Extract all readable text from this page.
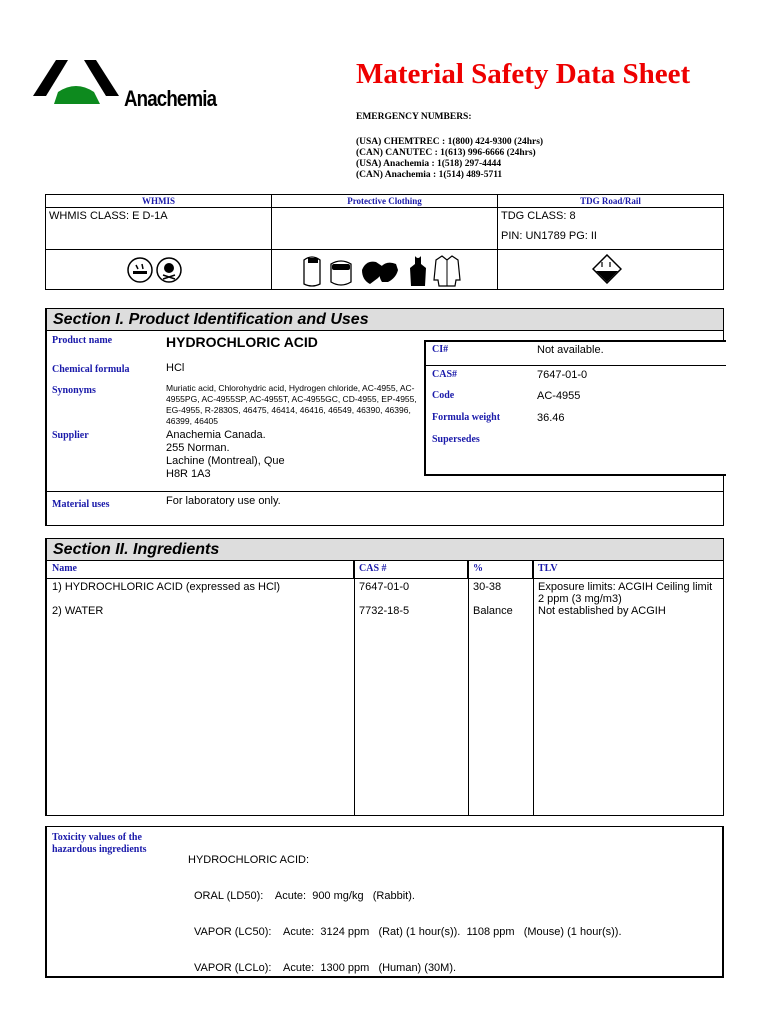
Anachemia
Material Safety Data Sheet
EMERGENCY NUMBERS:
(USA) CHEMTREC : 1(800) 424-9300 (24hrs)
(CAN) CANUTEC : 1(613) 996-6666 (24hrs)
(USA) Anachemia : 1(518) 297-4444
(CAN) Anachemia : 1(514) 489-5711
WHMIS	Protective Clothing	TDG Road/Rail
WHMIS CLASS: E D-1A		TDG CLASS: 8
PIN: UN1789 PG: II

Section I. Product Identification and Uses
Product name	HYDROCHLORIC ACID
Chemical formula	HCl
Synonyms	Muriatic acid, Chlorohydric acid, Hydrogen chloride, AC-4955, AC-4955PG, AC-4955SP, AC-4955T, AC-4955GC, CD-4955, EP-4955, EG-4955, R-2830S, 46475, 46414, 46416, 46549, 46390, 46396, 46399, 46405
Supplier	Anachemia Canada.
255 Norman.
Lachine (Montreal), Que
H8R 1A3
Material uses	For laboratory use only.
CI#	Not available.
CAS#	7647-01-0
Code	AC-4955
Formula weight	36.46
Supersedes
Section II. Ingredients
Name	CAS #	%	TLV
1) HYDROCHLORIC ACID (expressed as HCl)	7647-01-0	30-38	Exposure limits: ACGIH Ceiling limit 2 ppm (3 mg/m3)
2) WATER	7732-18-5	Balance	Not established by ACGIH
Toxicity values of the
hazardous ingredients

HYDROCHLORIC ACID:

ORAL (LD50):    Acute:  900 mg/kg   (Rabbit).

VAPOR (LC50):    Acute:  3124 ppm   (Rat) (1 hour(s)).  1108 ppm   (Mouse) (1 hour(s)).

VAPOR (LCLo):    Acute:  1300 ppm   (Human) (30M).
